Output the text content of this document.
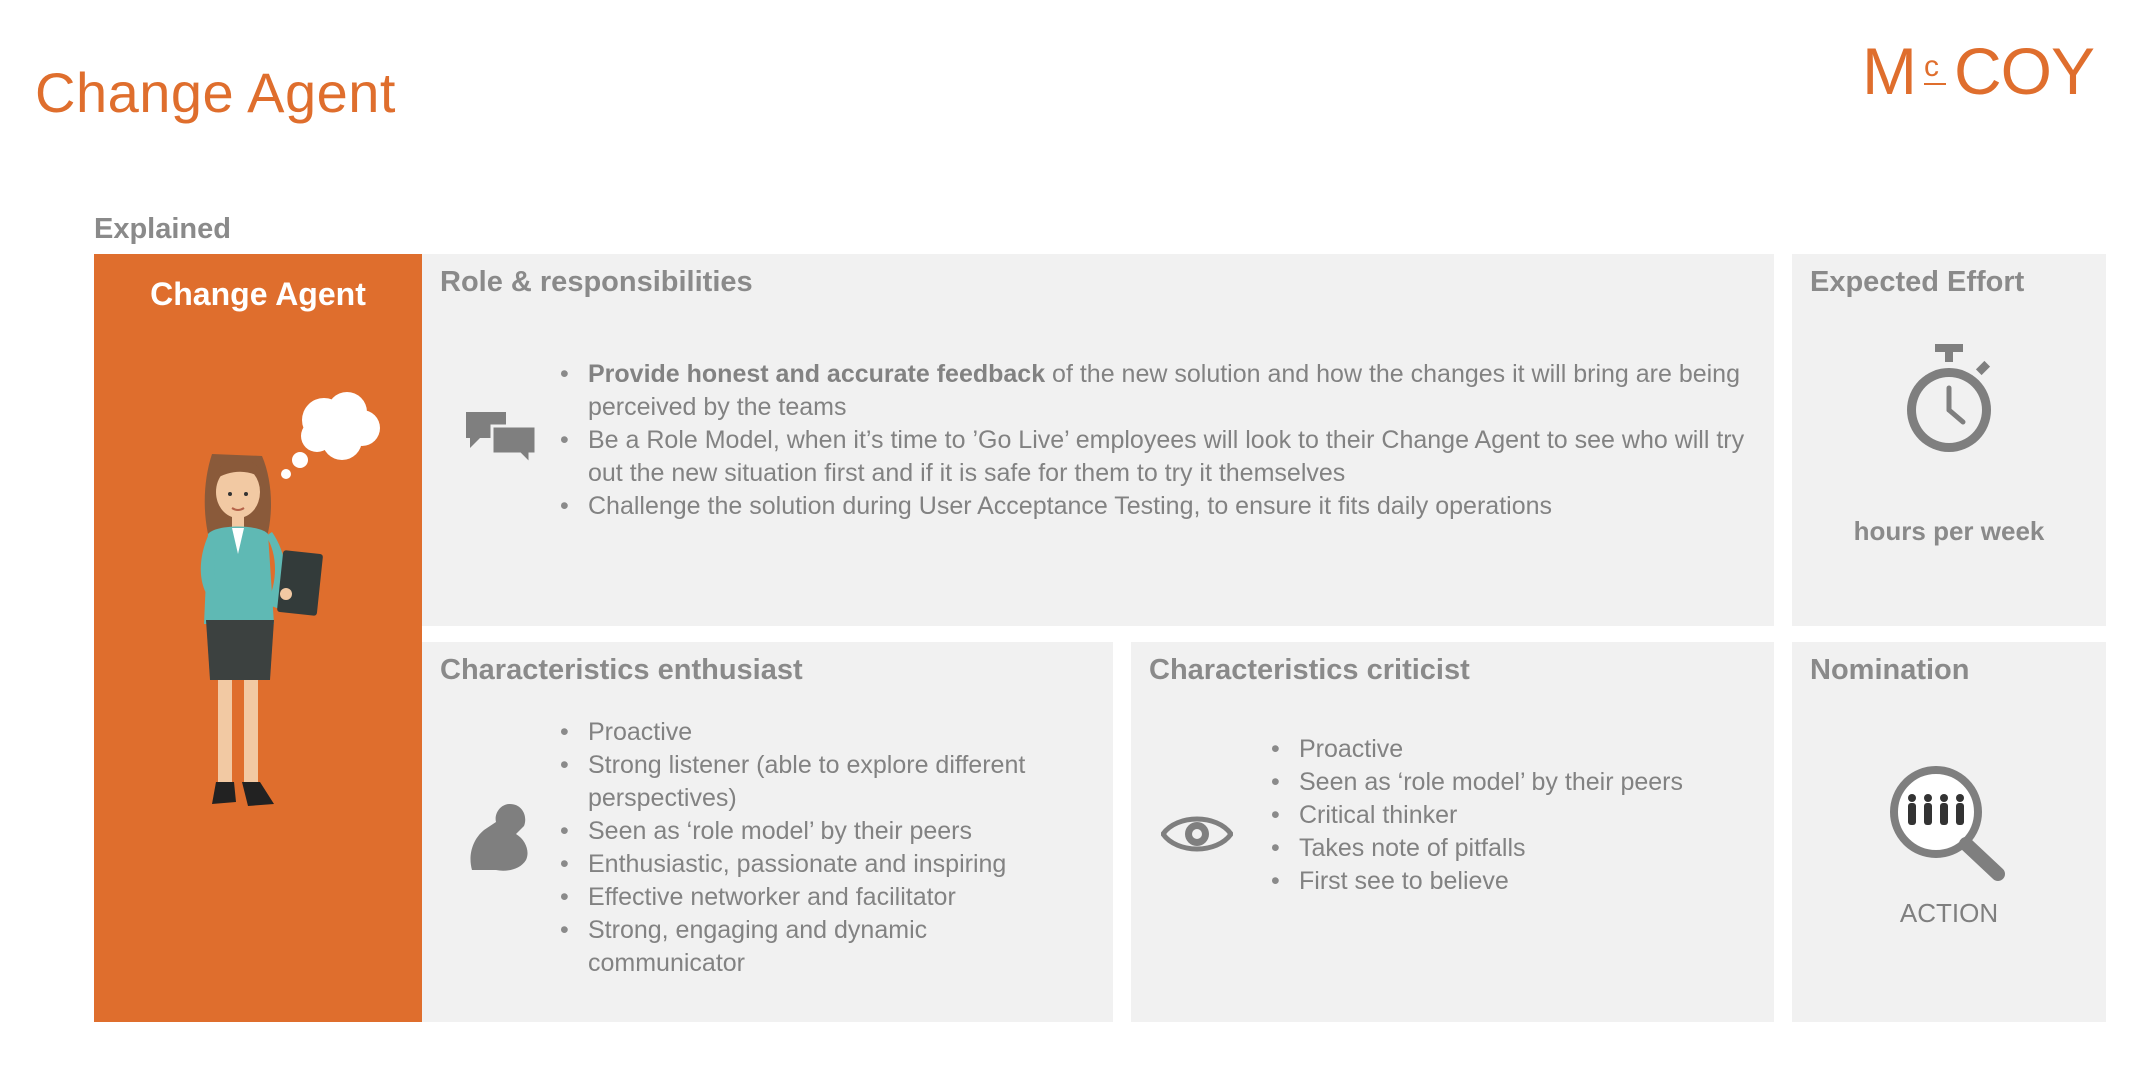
Change Agent	M c COY
Explained
Change Agent	Role & responsibilities
• Provide honest and accurate feedback of the new solution and how the changes it will bring are being perceived by the teams
• Be a Role Model, when it’s time to ’Go Live’ employees will look to their Change Agent to see who will try out the new situation first and if it is safe for them to try it themselves
• Challenge the solution during User Acceptance Testing, to ensure it fits daily operations
Expected Effort
hours per week
Characteristics enthusiast
• Proactive
• Strong listener (able to explore different perspectives)
• Seen as ‘role model’ by their peers
• Enthusiastic, passionate and inspiring
• Effective networker and facilitator
• Strong, engaging and dynamic communicator
Characteristics criticist
• Proactive
• Seen as ‘role model’ by their peers
• Critical thinker
• Takes note of pitfalls
• First see to believe
Nomination
ACTION
